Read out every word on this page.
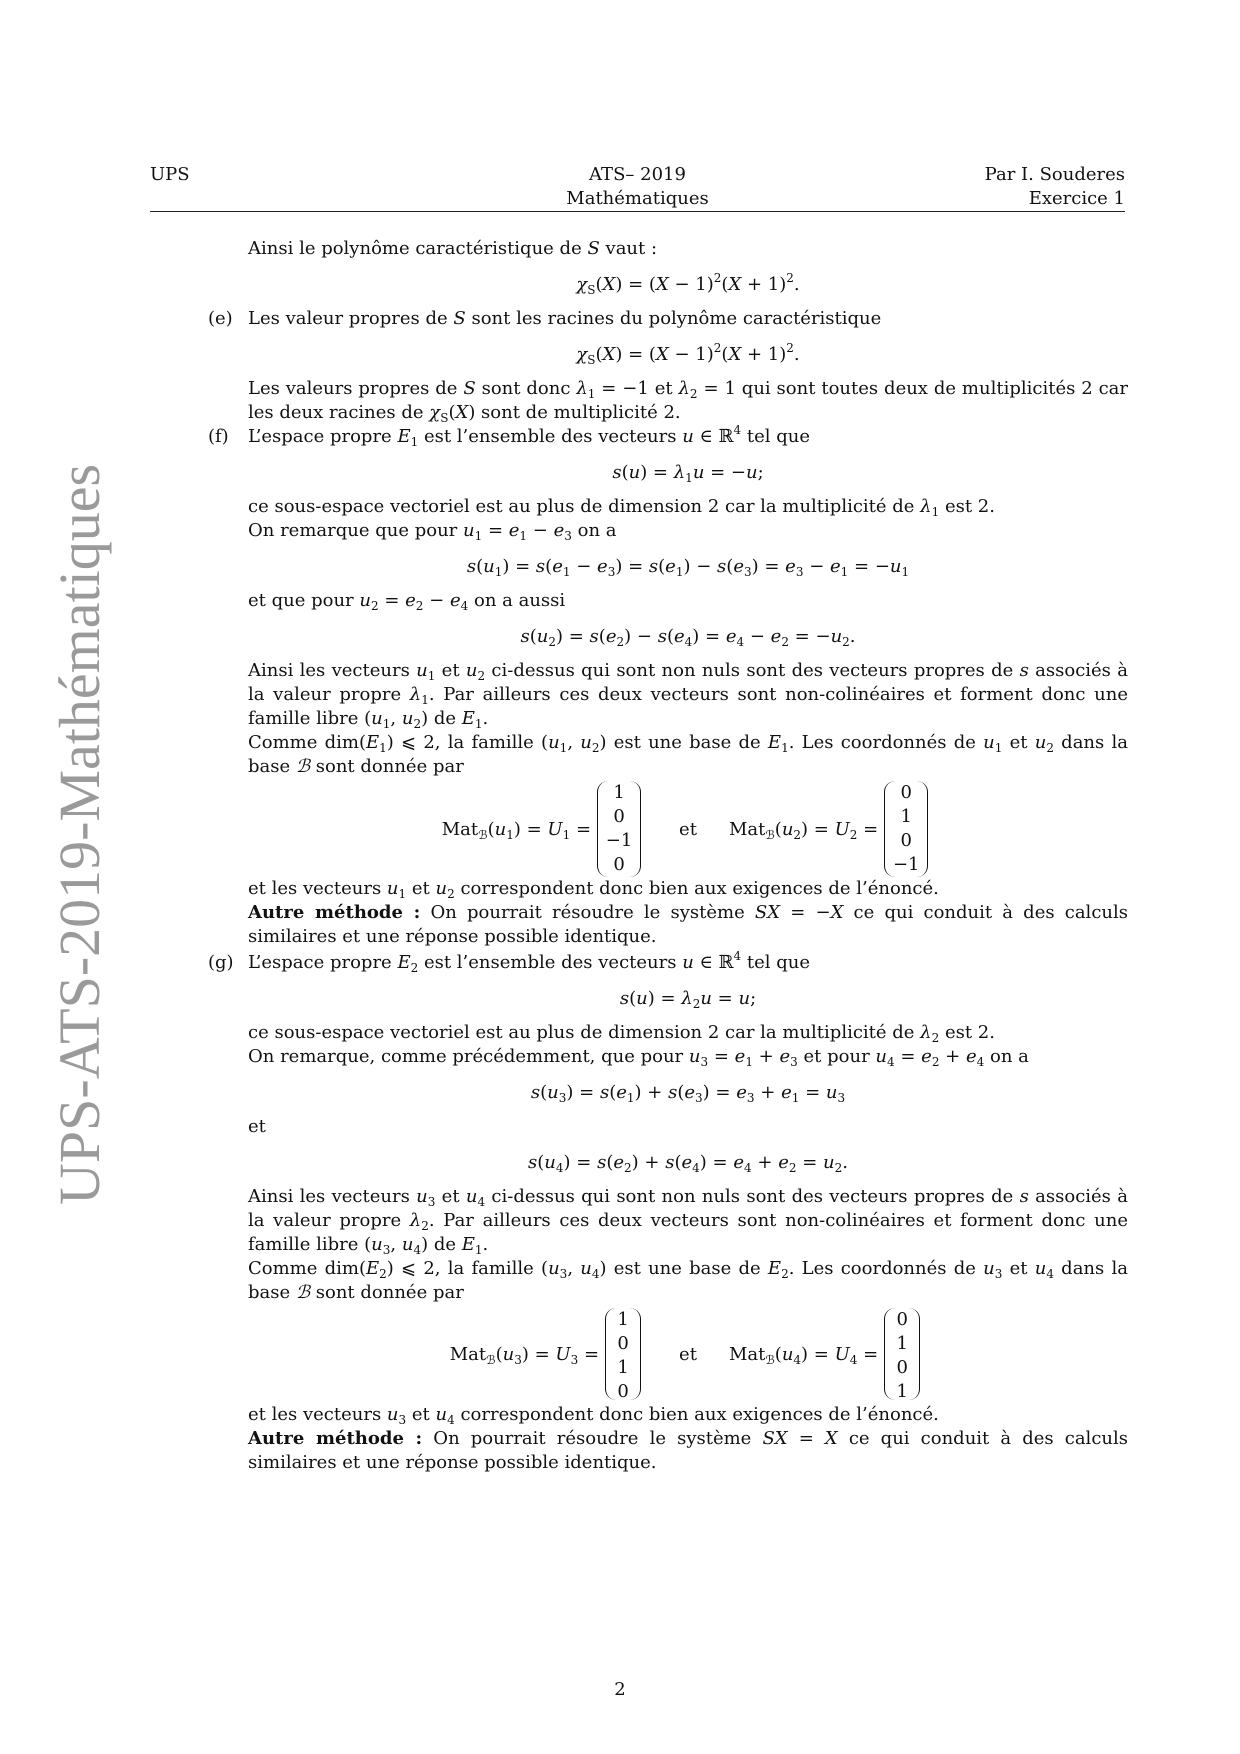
UPS	ATS– 2019
Mathématiques
Par I. Souderes
Exercice 1
UPS-ATS-2019-Mathématiques
Ainsi le polynôme caractéristique de S vaut :
$\chi_S(X) = (X - 1)^2(X + 1)^2$.
(e) Les valeur propres de S sont les racines du polynôme caractéristique
$\chi_S(X) = (X - 1)^2(X + 1)^2$.
Les valeurs propres de S sont donc $\lambda_1 = -1$ et $\lambda_2 = 1$ qui sont toutes deux de multiplicités 2 car les deux racines de $\chi_S(X)$ sont de multiplicité 2.
(f) L’espace propre $E_1$ est l’ensemble des vecteurs u ∈ ℝ$^4$ tel que
$s(u) = \lambda_1u = -u$;
ce sous-espace vectoriel est au plus de dimension 2 car la multiplicité de $\lambda_1$ est 2.
On remarque que pour $u_1 = e_1 - e_3$ on a
$s(u_1) = s(e_1 - e_3) = s(e_1) - s(e_3) = e_3 - e_1 = -u_1$
et que pour $u_2 = e_2 - e_4$ on a aussi
$s(u_2) = s(e_2) - s(e_4) = e_4 - e_2 = -u_2$.
Ainsi les vecteurs $u_1$ et $u_2$ ci-dessus qui sont non nuls sont des vecteurs propres de s associés à la valeur propre $\lambda_1$. Par ailleurs ces deux vecteurs sont non-colinéaires et forment donc une famille libre ($u_1$, $u_2$) de $E_1$.
Comme $dim(E_1)$ ⩽ 2, la famille ($u_1$, $u_2$) est une base de $E_1$. Les coordonnés de $u_1$ et $u_2$ dans la base ℬ sont donnée par
$Mat_ℬ(u_1) = U_1$ =
1
0
−1
0
et $Mat_ℬ(u_2) = U_2$ =
0
1
0
−1
et les vecteurs $u_1$ et $u_2$ correspondent donc bien aux exigences de l’énoncé.
Autre méthode : On pourrait résoudre le système SX = −X ce qui conduit à des calculs similaires et une réponse possible identique.
(g) L’espace propre $E_2$ est l’ensemble des vecteurs u ∈ ℝ$^4$ tel que
$s(u) = \lambda_2u = u$;
ce sous-espace vectoriel est au plus de dimension 2 car la multiplicité de $\lambda_2$ est 2.
On remarque, comme précédemment, que pour $u_3 = e_1 + e_3$ et pour $u_4 = e_2 + e_4$ on a
$s(u_3) = s(e_1) + s(e_3) = e_3 + e_1 = u_3$
et
$s(u_4) = s(e_2) + s(e_4) = e_4 + e_2 = u_2$.
Ainsi les vecteurs $u_3$ et $u_4$ ci-dessus qui sont non nuls sont des vecteurs propres de s associés à la valeur propre $\lambda_2$. Par ailleurs ces deux vecteurs sont non-colinéaires et forment donc une famille libre ($u_3$, $u_4$) de $E_1$.
Comme $dim(E_2)$ ⩽ 2, la famille ($u_3$, $u_4$) est une base de $E_2$. Les coordonnés de $u_3$ et $u_4$ dans la base ℬ sont donnée par
$Mat_ℬ(u_3) = U_3$ =
1
0
1
0
et $Mat_ℬ(u_4) = U_4$ =
0
1
0
1
et les vecteurs $u_3$ et $u_4$ correspondent donc bien aux exigences de l’énoncé.
Autre méthode : On pourrait résoudre le système SX = X ce qui conduit à des calculs similaires et une réponse possible identique.
2
